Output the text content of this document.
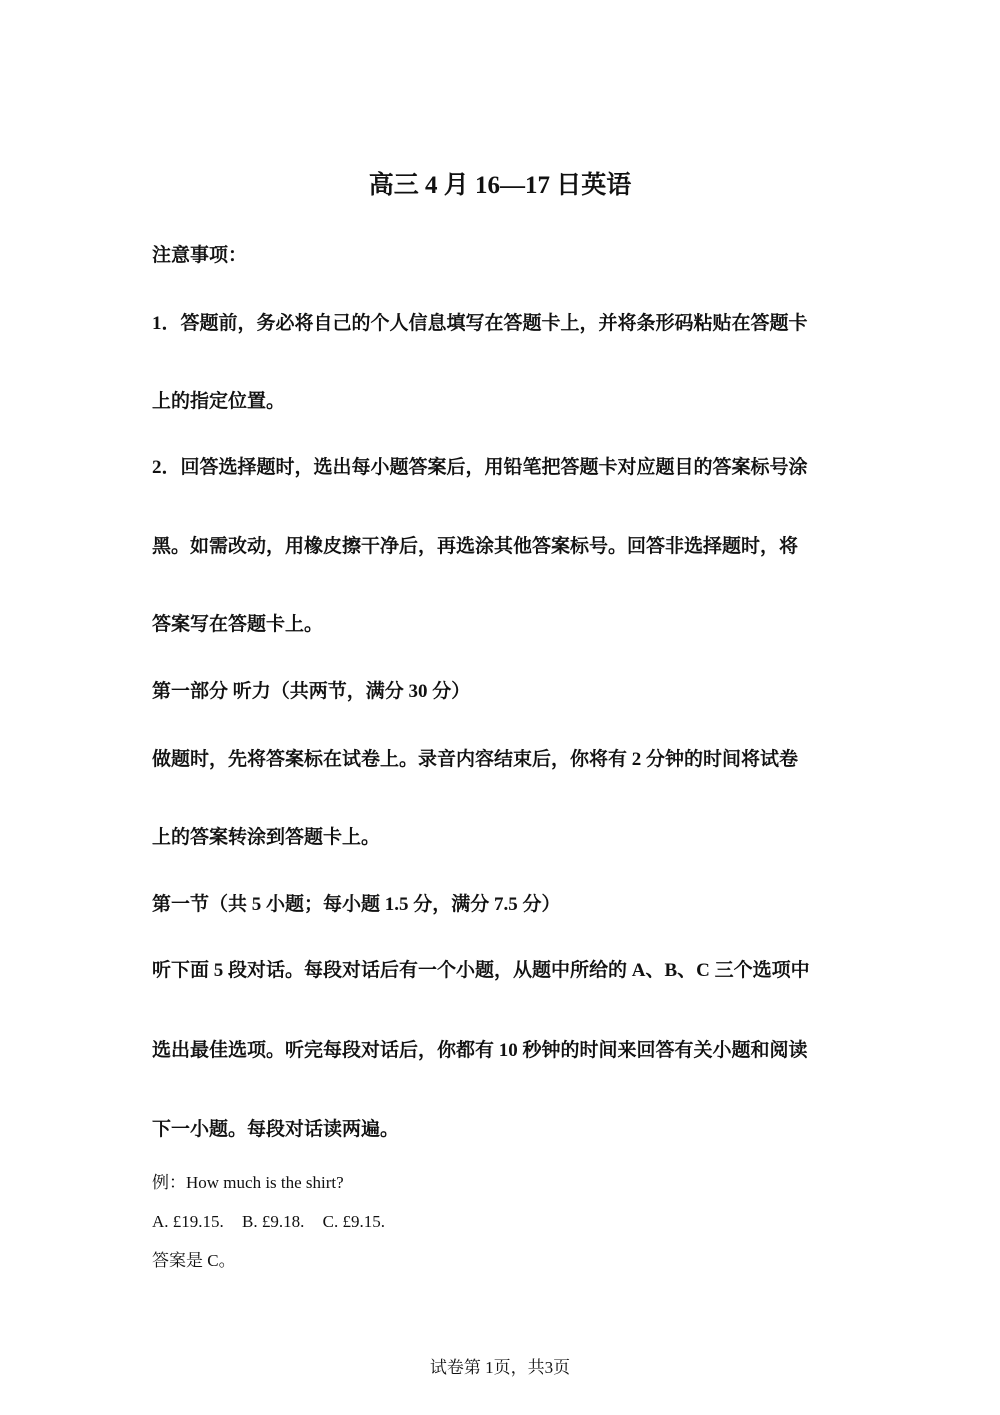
高三 4 月 16—17 日英语
注意事项：
1．答题前，务必将自己的个人信息填写在答题卡上，并将条形码粘贴在答题卡
上的指定位置。
2．回答选择题时，选出每小题答案后，用铅笔把答题卡对应题目的答案标号涂
黑。如需改动，用橡皮擦干净后，再选涂其他答案标号。回答非选择题时，将
答案写在答题卡上。
第一部分 听力（共两节，满分 30 分）
做题时，先将答案标在试卷上。录音内容结束后，你将有 2 分钟的时间将试卷
上的答案转涂到答题卡上。
第一节（共 5 小题；每小题 1.5 分，满分 7.5 分）
听下面 5 段对话。每段对话后有一个小题，从题中所给的 A、B、C 三个选项中
选出最佳选项。听完每段对话后，你都有 10 秒钟的时间来回答有关小题和阅读
下一小题。每段对话读两遍。
例：How much is the shirt?
A. £19.15. B. £9.18. C. £9.15.
答案是 C。
试卷第 1页，共3页
